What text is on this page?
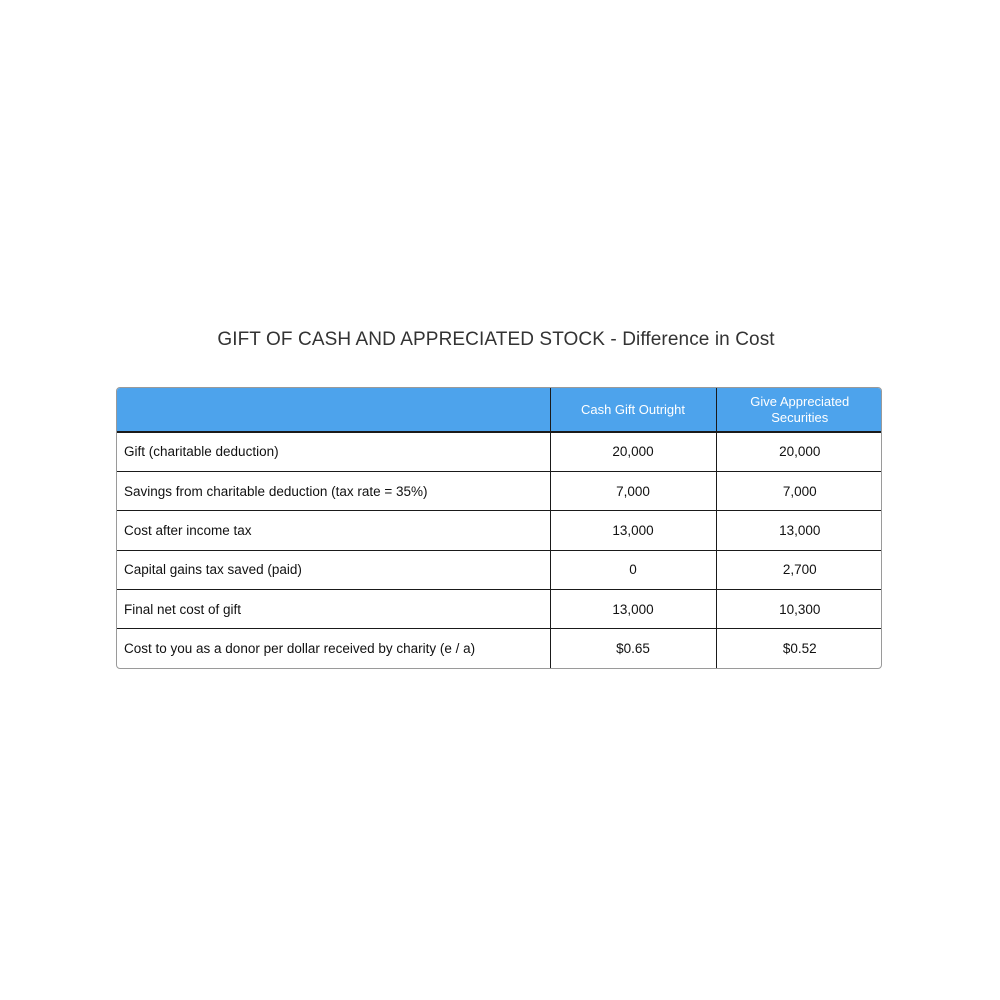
GIFT OF CASH AND APPRECIATED STOCK - Difference in Cost
	Cash Gift Outright	Give Appreciated
Securities
Gift (charitable deduction)	20,000	20,000
Savings from charitable deduction (tax rate = 35%)	7,000	7,000
Cost after income tax	13,000	13,000
Capital gains tax saved (paid)	0	2,700
Final net cost of gift	13,000	10,300
Cost to you as a donor per dollar received by charity (e / a)	$0.65	$0.52
